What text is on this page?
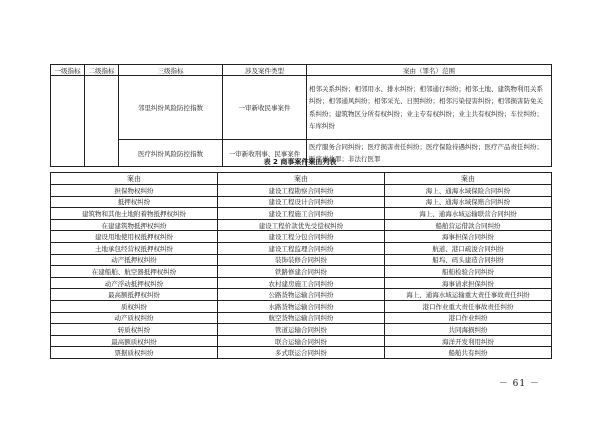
一级指标	二级指标	三级指标	涉及案件类型	案由（罪名）范围
		邻里纠纷风险防控指数	一审新收民事案件	相邻关系纠纷；相邻用水、排水纠纷；相邻通行纠纷；相邻土地、建筑物利用关系纠纷；相邻通风纠纷；相邻采光、日照纠纷；相邻污染侵害纠纷；相邻损害防免关系纠纷；建筑物区分所有权纠纷；业主专有权纠纷；业主共有权纠纷；车位纠纷；车库纠纷
		医疗纠纷风险防控指数	一审新收刑事、民事案件	医疗服务合同纠纷；医疗损害责任纠纷；医疗保险待遇纠纷；医疗产品责任纠纷；医疗事故罪；非法行医罪
表 2 商事案件案由列表
案由	案由	案由
担保物权纠纷	建设工程勘察合同纠纷	海上、通海水域保险合同纠纷
抵押权纠纷	建设工程设计合同纠纷	海上、通海水域保赔合同纠纷
建筑物和其他土地附着物抵押权纠纷	建设工程施工合同纠纷	海上、通海水域运输联营合同纠纷
在建建筑物抵押权纠纷	建设工程价款优先受偿权纠纷	船舶营运借款合同纠纷
建设用地使用权抵押权纠纷	建设工程分包合同纠纷	海事担保合同纠纷
土地承包经营权抵押权纠纷	建设工程监理合同纠纷	航道、港口疏浚合同纠纷
动产抵押权纠纷	装饰装修合同纠纷	船坞、码头建造合同纠纷
在建船舶、航空器抵押权纠纷	铁路修建合同纠纷	船舶检验合同纠纷
动产浮动抵押权纠纷	农村建房施工合同纠纷	海事请求担保纠纷
最高额抵押权纠纷	公路货物运输合同纠纷	海上、通海水域运输重大责任事故责任纠纷
质权纠纷	水路货物运输合同纠纷	港口作业重大责任事故责任纠纷
动产质权纠纷	航空货物运输合同纠纷	港口作业纠纷
转质权纠纷	管道运输合同纠纷	共同海损纠纷
最高额质权纠纷	联合运输合同纠纷	海洋开发利用纠纷
票据质权纠纷	多式联运合同纠纷	船舶共有纠纷
－ 61 －
